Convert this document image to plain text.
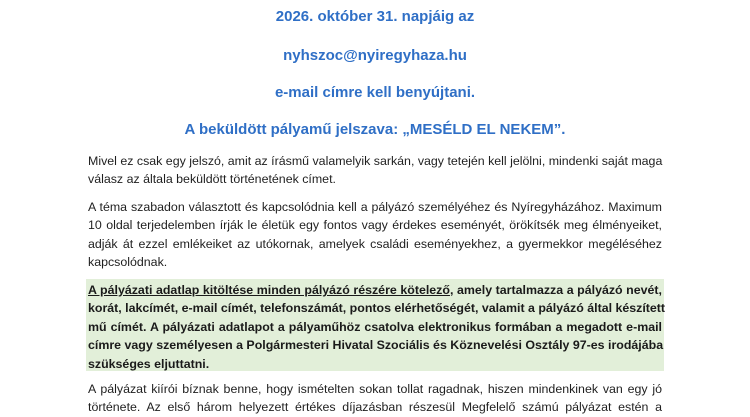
2026. október 31. napjáig az
nyhszoc@nyiregyhaza.hu
e-mail címre kell benyújtani.
A beküldött pályamű jelszava: „MESÉLD EL NEKEM”.
Mivel ez csak egy jelszó, amit az írásmű valamelyik sarkán, vagy tetején kell jelölni, mindenki saját maga
válasz az általa beküldött történetének címet.
A téma szabadon választott és kapcsolódnia kell a pályázó személyéhez és Nyíregyházához. Maximum
10 oldal terjedelemben írják le életük egy fontos vagy érdekes eseményét, örökítsék meg élményeiket,
adják át ezzel emlékeiket az utókornak, amelyek családi eseményekhez, a gyermekkor megéléséhez
kapcsolódnak.
A pályázati adatlap kitöltése minden pályázó részére kötelező, amely tartalmazza a pályázó nevét,
korát, lakcímét, e-mail címét, telefonszámát, pontos elérhetőségét, valamit a pályázó által készített
mű címét. A pályázati adatlapot a pályaműhöz csatolva elektronikus formában a megadott e-mail
címre vagy személyesen a Polgármesteri Hivatal Szociális és Köznevelési Osztály 97-es irodájába
szükséges eljuttatni.
A pályázat kiírói bíznak benne, hogy ismételten sokan tollat ragadnak, hiszen mindenkinek van egy jó
története. Az első három helyezett értékes díjazásban részesül Megfelelő számú pályázat estén a
